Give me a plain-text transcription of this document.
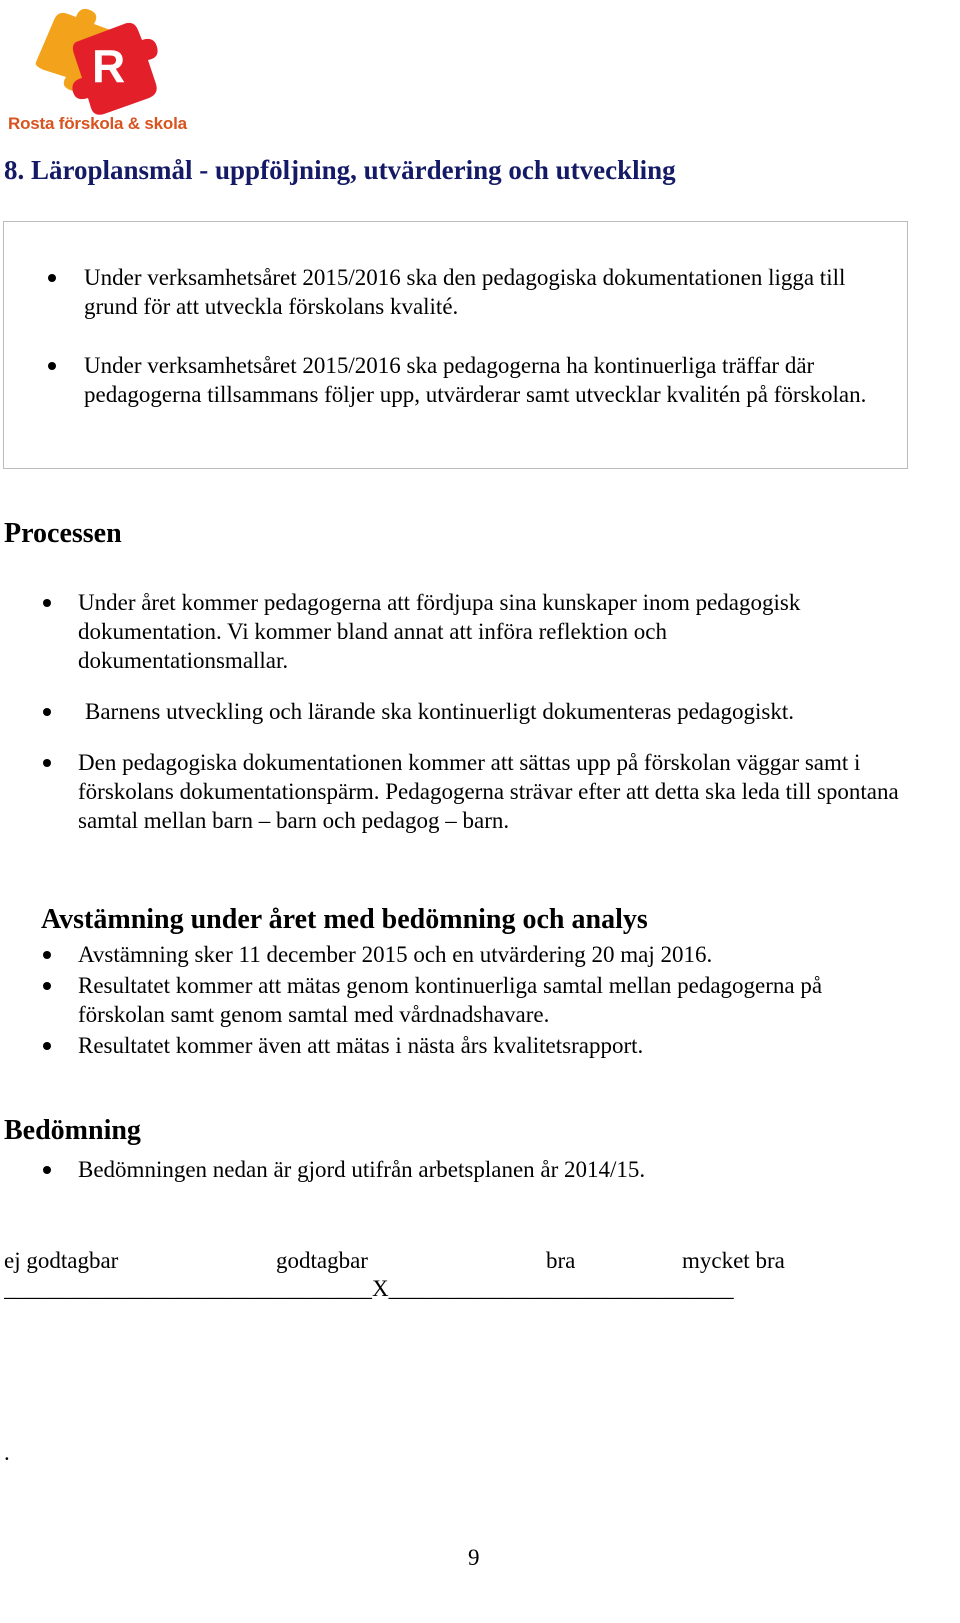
R
Rosta förskola & skola
8. Läroplansmål - uppföljning, utvärdering och utveckling
Under verksamhetsåret 2015/2016 ska den pedagogiska dokumentationen ligga till grund för att utveckla förskolans kvalité.
Under verksamhetsåret 2015/2016 ska pedagogerna ha kontinuerliga träffar där pedagogerna tillsammans följer upp, utvärderar samt utvecklar kvalitén på förskolan.
Processen
Under året kommer pedagogerna att fördjupa sina kunskaper inom pedagogisk dokumentation. Vi kommer bland annat att införa reflektion och dokumentationsmallar.
Barnens utveckling och lärande ska kontinuerligt dokumenteras pedagogiskt.
Den pedagogiska dokumentationen kommer att sättas upp på förskolan väggar samt i förskolans dokumentationspärm. Pedagogerna strävar efter att detta ska leda till spontana samtal mellan barn – barn och pedagog – barn.
Avstämning under året med bedömning och analys
Avstämning sker 11 december 2015 och en utvärdering 20 maj 2016.
Resultatet kommer att mätas genom kontinuerliga samtal mellan pedagogerna på förskolan samt genom samtal med vårdnadshavare.
Resultatet kommer även att mätas i nästa års kvalitetsrapport.
Bedömning
Bedömningen nedan är gjord utifrån arbetsplanen år 2014/15.
ej godtagbar	godtagbar	bra	mycket bra
________________________________X______________________________
.
9
